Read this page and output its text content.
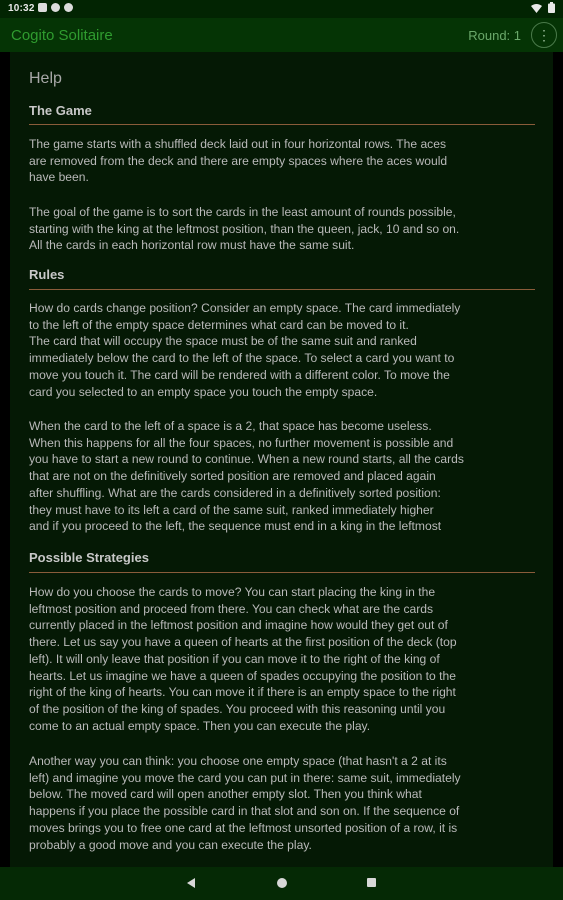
10:32
Cogito Solitaire	Round: 1	⋮
Help
The Game
The game starts with a shuffled deck laid out in four horizontal rows. The aces
are removed from the deck and there are empty spaces where the aces would
have been.
The goal of the game is to sort the cards in the least amount of rounds possible,
starting with the king at the leftmost position, than the queen, jack, 10 and so on.
All the cards in each horizontal row must have the same suit.
Rules
How do cards change position? Consider an empty space. The card immediately
to the left of the empty space determines what card can be moved to it.
The card that will occupy the space must be of the same suit and ranked
immediately below the card to the left of the space. To select a card you want to
move you touch it. The card will be rendered with a different color. To move the
card you selected to an empty space you touch the empty space.
When the card to the left of a space is a 2, that space has become useless.
When this happens for all the four spaces, no further movement is possible and
you have to start a new round to continue. When a new round starts, all the cards
that are not on the definitively sorted position are removed and placed again
after shuffling. What are the cards considered in a definitively sorted position:
they must have to its left a card of the same suit, ranked immediately higher
and if you proceed to the left, the sequence must end in a king in the leftmost
Possible Strategies
How do you choose the cards to move? You can start placing the king in the
leftmost position and proceed from there. You can check what are the cards
currently placed in the leftmost position and imagine how would they get out of
there. Let us say you have a queen of hearts at the first position of the deck (top
left). It will only leave that position if you can move it to the right of the king of
hearts. Let us imagine we have a queen of spades occupying the position to the
right of the king of hearts. You can move it if there is an empty space to the right
of the position of the king of spades. You proceed with this reasoning until you
come to an actual empty space. Then you can execute the play.
Another way you can think: you choose one empty space (that hasn't a 2 at its
left) and imagine you move the card you can put in there: same suit, immediately
below. The moved card will open another empty slot. Then you think what
happens if you place the possible card in that slot and son on. If the sequence of
moves brings you to free one card at the leftmost unsorted position of a row, it is
probably a good move and you can execute the play.
